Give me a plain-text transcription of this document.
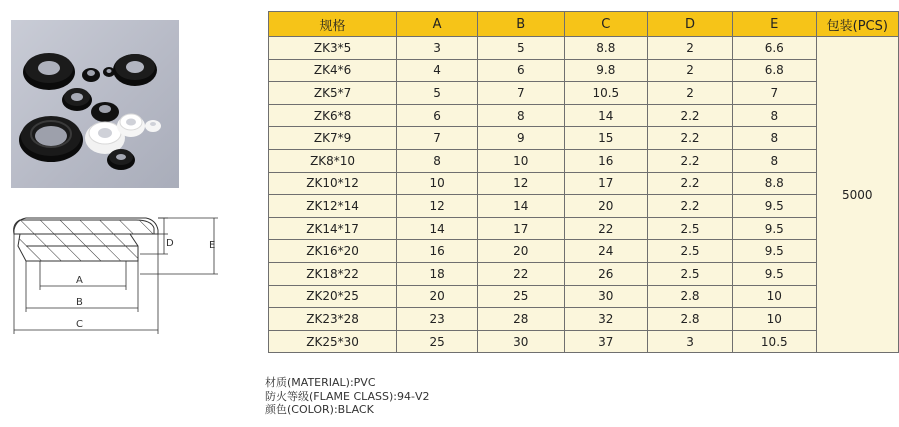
D	E
A
B
C
规格	A	B	C	D	E	包装(PCS)
ZK3*5	3	5	8.8	2	6.6	5000
ZK4*6	4	6	9.8	2	6.8	
ZK5*7	5	7	10.5	2	7	
ZK6*8	6	8	14	2.2	8	
ZK7*9	7	9	15	2.2	8	
ZK8*10	8	10	16	2.2	8	
ZK10*12	10	12	17	2.2	8.8	
ZK12*14	12	14	20	2.2	9.5	
ZK14*17	14	17	22	2.5	9.5	
ZK16*20	16	20	24	2.5	9.5	
ZK18*22	18	22	26	2.5	9.5	
ZK20*25	20	25	30	2.8	10	
ZK23*28	23	28	32	2.8	10	
ZK25*30	25	30	37	3	10.5	
材质(MATERIAL):PVC
防火等级(FLAME CLASS):94-V2
颜色(COLOR):BLACK
